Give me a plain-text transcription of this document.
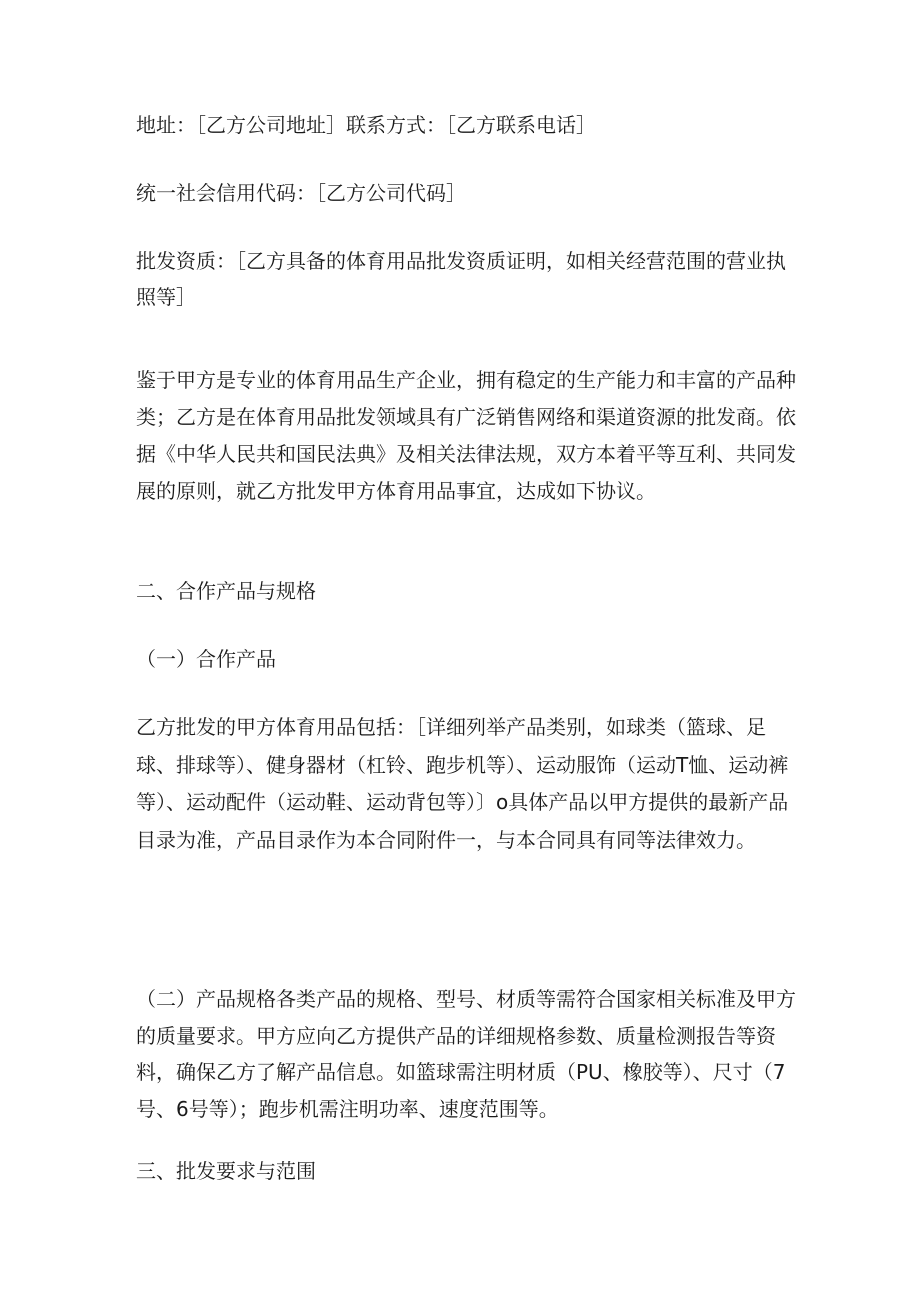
地址：［乙方公司地址］联系方式：［乙方联系电话］

统一社会信用代码：［乙方公司代码］

批发资质：［乙方具备的体育用品批发资质证明，如相关经营范围的营业执照等］

鉴于甲方是专业的体育用品生产企业，拥有稳定的生产能力和丰富的产品种类；乙方是在体育用品批发领域具有广泛销售网络和渠道资源的批发商。依据《中华人民共和国民法典》及相关法律法规，双方本着平等互利、共同发展的原则，就乙方批发甲方体育用品事宜，达成如下协议。

二、合作产品与规格
（一）合作产品

乙方批发的甲方体育用品包括：［详细列举产品类别，如球类（篮球、足球、排球等）、健身器材（杠铃、跑步机等）、运动服饰（运动T恤、运动裤等）、运动配件（运动鞋、运动背包等）〕o具体产品以甲方提供的最新产品目录为准，产品目录作为本合同附件一，与本合同具有同等法律效力。

（二）产品规格各类产品的规格、型号、材质等需符合国家相关标准及甲方的质量要求。甲方应向乙方提供产品的详细规格参数、质量检测报告等资料，确保乙方了解产品信息。如篮球需注明材质（PU、橡胶等）、尺寸（7号、6号等）；跑步机需注明功率、速度范围等。

三、批发要求与范围
